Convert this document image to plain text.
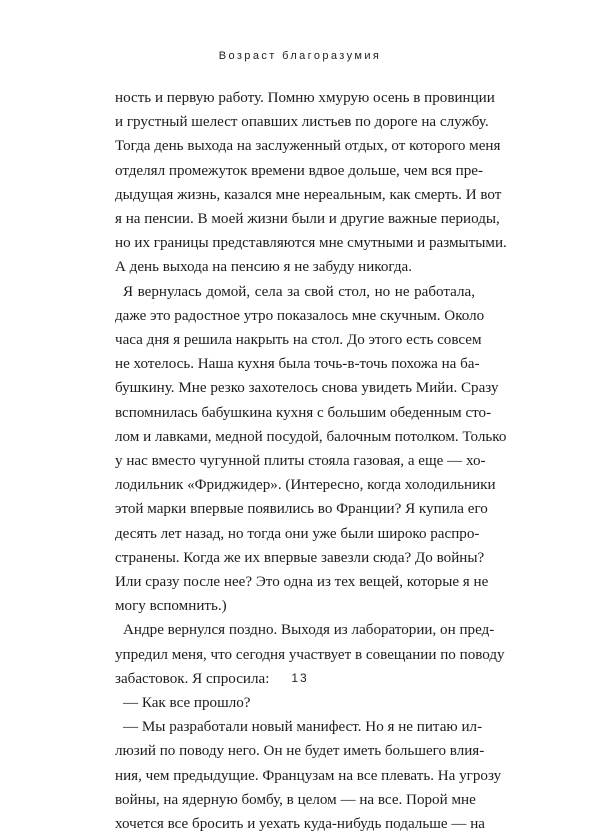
Возраст благоразумия
ность и первую работу. Помню хмурую осень в провинции
и грустный шелест опавших листьев по дороге на службу.
Тогда день выхода на заслуженный отдых, от которого меня
отделял промежуток времени вдвое дольше, чем вся пре-
дыдущая жизнь, казался мне нереальным, как смерть. И вот
я на пенсии. В моей жизни были и другие важные периоды,
но их границы представляются мне смутными и размытыми.
А день выхода на пенсию я не забуду никогда.
Я вернулась домой, села за свой стол, но не работала,
даже это радостное утро показалось мне скучным. Около
часа дня я решила накрыть на стол. До этого есть совсем
не хотелось. Наша кухня была точь-в-точь похожа на ба-
бушкину. Мне резко захотелось снова увидеть Мийи. Сразу
вспомнилась бабушкина кухня с большим обеденным сто-
лом и лавками, медной посудой, балочным потолком. Только
у нас вместо чугунной плиты стояла газовая, а еще — хо-
лодильник «Фриджидер». (Интересно, когда холодильники
этой марки впервые появились во Франции? Я купила его
десять лет назад, но тогда они уже были широко распро-
странены. Когда же их впервые завезли сюда? До войны?
Или сразу после нее? Это одна из тех вещей, которые я не
могу вспомнить.)
Андре вернулся поздно. Выходя из лаборатории, он пред-
упредил меня, что сегодня участвует в совещании по поводу
забастовок. Я спросила:
— Как все прошло?
— Мы разработали новый манифест. Но я не питаю ил-
люзий по поводу него. Он не будет иметь большего влия-
ния, чем предыдущие. Французам на все плевать. На угрозу
войны, на ядерную бомбу, в целом — на все. Порой мне
хочется все бросить и уехать куда-нибудь подальше — на
13
